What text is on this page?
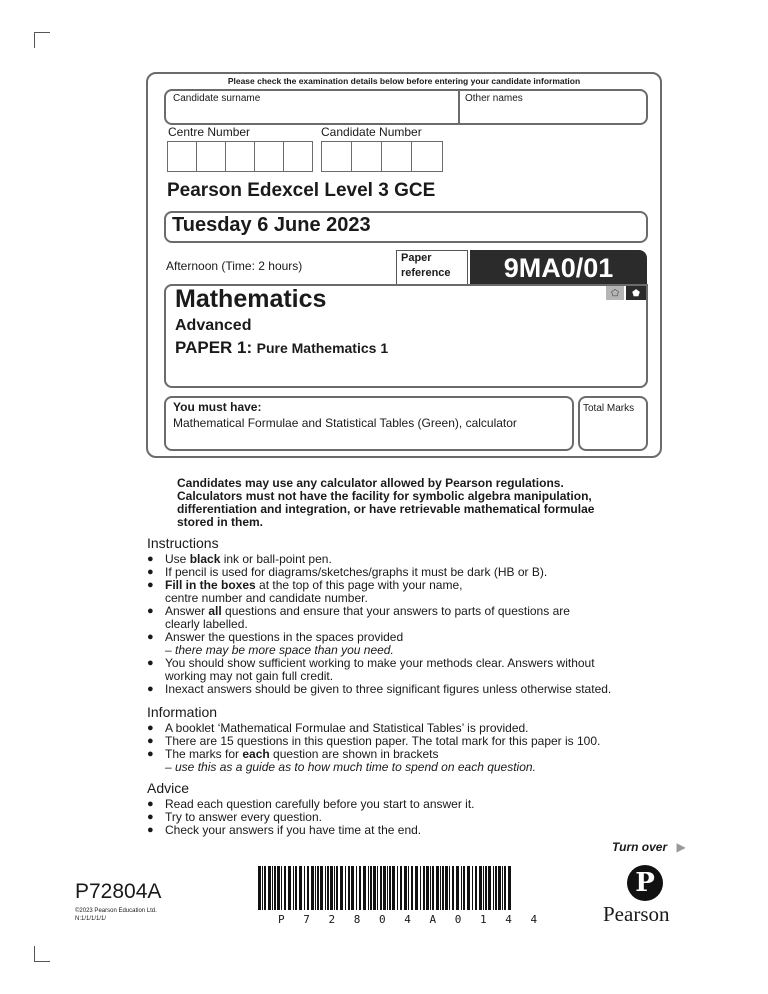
Please check the examination details below before entering your candidate information
Candidate surname	Other names
Centre Number	Candidate Number
Pearson Edexcel Level 3 GCE
Tuesday 6 June 2023
Afternoon (Time: 2 hours)
Paper
reference	9MA0/01
⬠	⬟
Mathematics
Advanced
PAPER 1: Pure Mathematics 1
You must have:
Mathematical Formulae and Statistical Tables (Green), calculator
Total Marks
Candidates may use any calculator allowed by Pearson regulations.
Calculators must not have the facility for symbolic algebra manipulation,
differentiation and integration, or have retrievable mathematical formulae
stored in them.
Instructions
● Use black ink or ball-point pen.
● If pencil is used for diagrams/sketches/graphs it must be dark (HB or B).
● Fill in the boxes at the top of this page with your name,
centre number and candidate number.
● Answer all questions and ensure that your answers to parts of questions are
clearly labelled.
● Answer the questions in the spaces provided
– there may be more space than you need.
● You should show sufficient working to make your methods clear. Answers without
working may not gain full credit.
● Inexact answers should be given to three significant figures unless otherwise stated.
Information
● A booklet ‘Mathematical Formulae and Statistical Tables’ is provided.
● There are 15 questions in this question paper. The total mark for this paper is 100.
● The marks for each question are shown in brackets
– use this as a guide as to how much time to spend on each question.
Advice
● Read each question carefully before you start to answer it.
● Try to answer every question.
● Check your answers if you have time at the end.
Turn over ▶
P72804A
©2023 Pearson Education Ltd.
N:1/1/1/1/1/	P 7 2 8 0 4 A 0 1 4 4
P
Pearson
